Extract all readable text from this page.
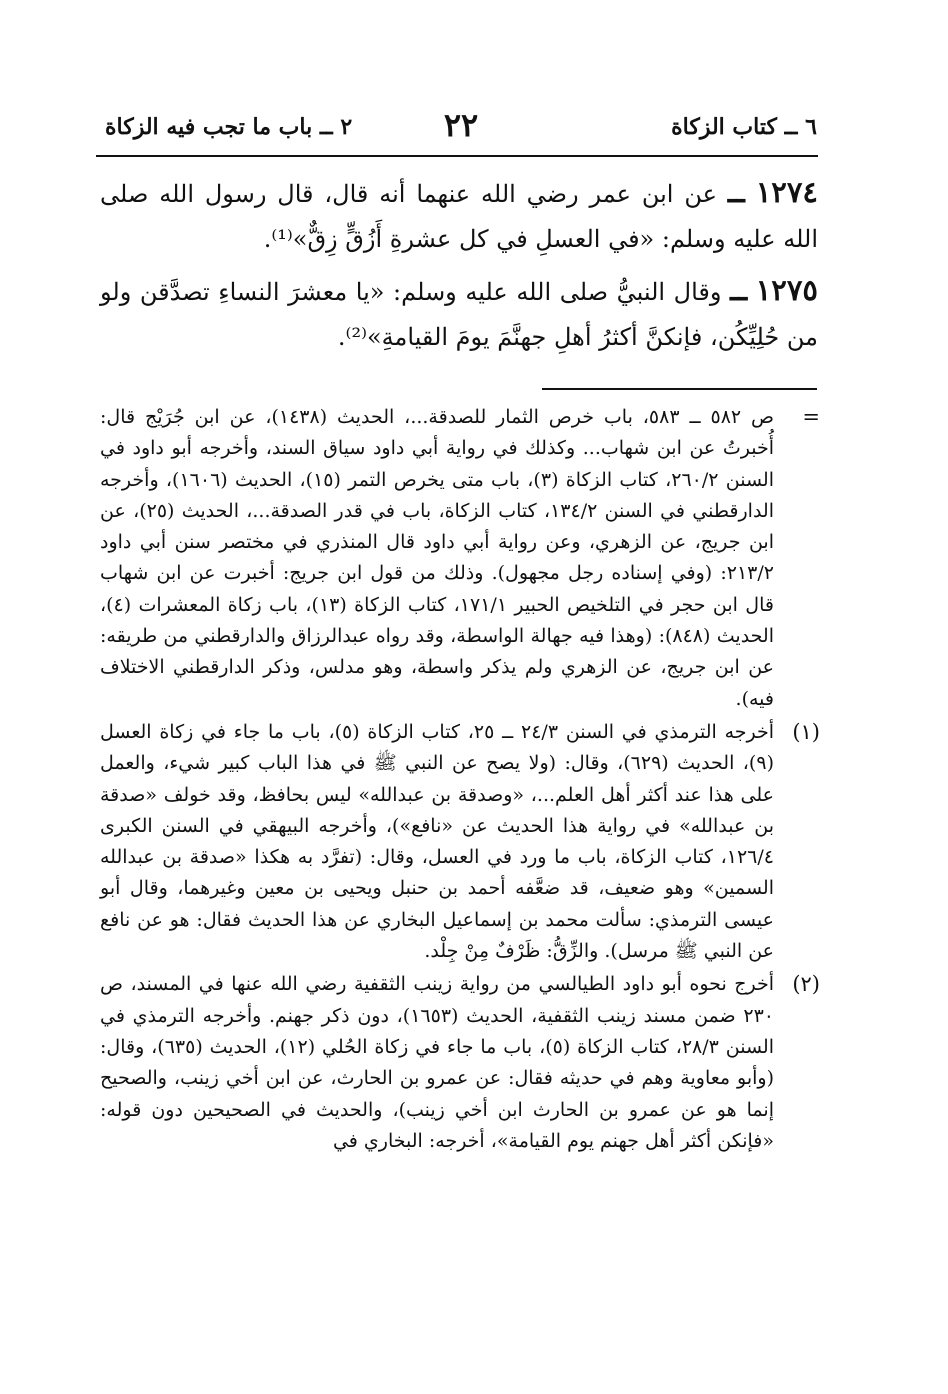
٦ ــ كتاب الزكاة
٢٢
٢ ــ باب ما تجب فيه الزكاة

١٢٧٤ ــ عن ابن عمر رضي الله عنهما أنه قال، قال رسول الله صلى الله عليه وسلم: «في العسلِ في كل عشرةِ أَزُقٍّ زِقٌّ»⁽¹⁾.

١٢٧٥ ــ وقال النبيُّ صلى الله عليه وسلم: «يا معشرَ النساءِ تصدَّقن ولو من حُلِيِّكُن، فإنكنَّ أكثرُ أهلِ جهنَّمَ يومَ القيامةِ»⁽²⁾.

=
ص ٥٨٢ ــ ٥٨٣، باب خرص الثمار للصدقة...، الحديث (١٤٣٨)، عن ابن جُرَيْج قال: أُخبرتُ عن ابن شهاب... وكذلك في رواية أبي داود سياق السند، وأخرجه أبو داود في السنن ٢٦٠/٢، كتاب الزكاة (٣)، باب متى يخرص التمر (١٥)، الحديث (١٦٠٦)، وأخرجه الدارقطني في السنن ١٣٤/٢، كتاب الزكاة، باب في قدر الصدقة...، الحديث (٢٥)، عن ابن جريج، عن الزهري، وعن رواية أبي داود قال المنذري في مختصر سنن أبي داود ٢١٣/٢: (وفي إسناده رجل مجهول). وذلك من قول ابن جريج: أخبرت عن ابن شهاب قال ابن حجر في التلخيص الحبير ١٧١/١، كتاب الزكاة (١٣)، باب زكاة المعشرات (٤)، الحديث (٨٤٨): (وهذا فيه جهالة الواسطة، وقد رواه عبدالرزاق والدارقطني من طريقه: عن ابن جريج، عن الزهري ولم يذكر واسطة، وهو مدلس، وذكر الدارقطني الاختلاف فيه).
(١)
أخرجه الترمذي في السنن ٢٤/٣ ــ ٢٥، كتاب الزكاة (٥)، باب ما جاء في زكاة العسل (٩)، الحديث (٦٢٩)، وقال: (ولا يصح عن النبي ﷺ في هذا الباب كبير شيء، والعمل على هذا عند أكثر أهل العلم...، «وصدقة بن عبدالله» ليس بحافظ، وقد خولف «صدقة بن عبدالله» في رواية هذا الحديث عن «نافع»)، وأخرجه البيهقي في السنن الكبرى ١٢٦/٤، كتاب الزكاة، باب ما ورد في العسل، وقال: (تفرَّد به هكذا «صدقة بن عبدالله السمين» وهو ضعيف، قد ضعَّفه أحمد بن حنبل ويحيى بن معين وغيرهما، وقال أبو عيسى الترمذي: سألت محمد بن إسماعيل البخاري عن هذا الحديث فقال: هو عن نافع عن النبي ﷺ مرسل). والزِّقُّ: ظَرْفٌ مِنْ جِلْد.
(٢)
أخرج نحوه أبو داود الطيالسي من رواية زينب الثقفية رضي الله عنها في المسند، ص ٢٣٠ ضمن مسند زينب الثقفية، الحديث (١٦٥٣)، دون ذكر جهنم. وأخرجه الترمذي في السنن ٢٨/٣، كتاب الزكاة (٥)، باب ما جاء في زكاة الحُلي (١٢)، الحديث (٦٣٥)، وقال: (وأبو معاوية وهم في حديثه فقال: عن عمرو بن الحارث، عن ابن أخي زينب، والصحيح إنما هو عن عمرو بن الحارث ابن أخي زينب)، والحديث في الصحيحين دون قوله: «فإنكن أكثر أهل جهنم يوم القيامة»، أخرجه: البخاري في
